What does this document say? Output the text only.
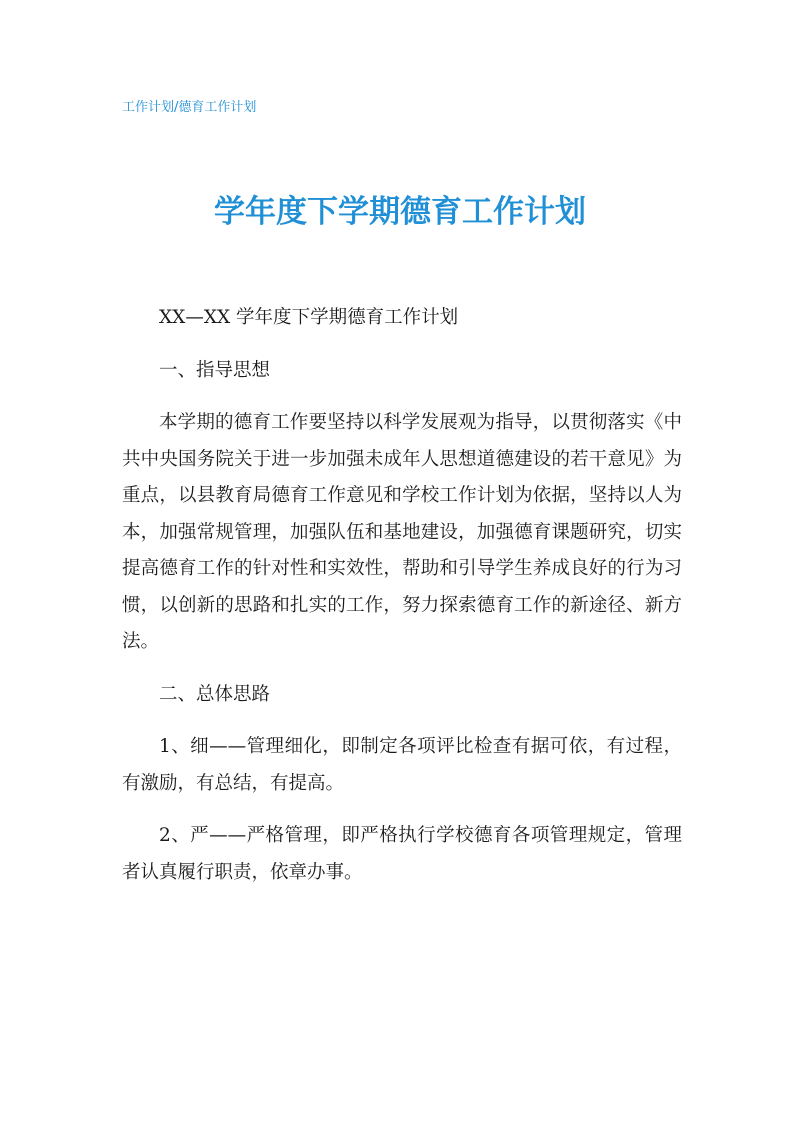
工作计划/德育工作计划
学年度下学期德育工作计划

XX—XX 学年度下学期德育工作计划

一、指导思想

本学期的德育工作要坚持以科学发展观为指导，以贯彻落实《中共中央国务院关于进一步加强未成年人思想道德建设的若干意见》为重点，以县教育局德育工作意见和学校工作计划为依据，坚持以人为本，加强常规管理，加强队伍和基地建设，加强德育课题研究，切实提高德育工作的针对性和实效性，帮助和引导学生养成良好的行为习惯，以创新的思路和扎实的工作，努力探索德育工作的新途径、新方法。

二、总体思路

1、细——管理细化，即制定各项评比检查有据可依，有过程，有激励，有总结，有提高。

2、严——严格管理，即严格执行学校德育各项管理规定，管理者认真履行职责，依章办事。
